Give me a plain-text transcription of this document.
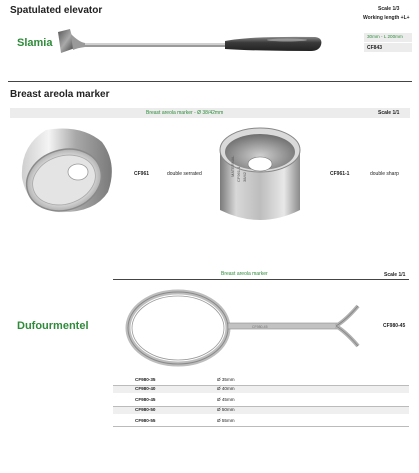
Spatulated elevator	Scale 1/3
Working length +L+
Slamia
30mm - L 200mm
CF843
Breast areola marker
Breast areola marker - Ø 38/42mm	Scale 1/1
CF961	double serrated	MATERNAL CF961-1 38/42	CF961-1	double sharp
Breast areola marker	Scale 1/1
Dufourmentel	CF980-45	CF980-45
CF980-35	Ø 35mm
CF980-40	Ø 40mm
CF980-45	Ø 45mm
CF980-50	Ø 50mm
CF980-55	Ø 55mm
